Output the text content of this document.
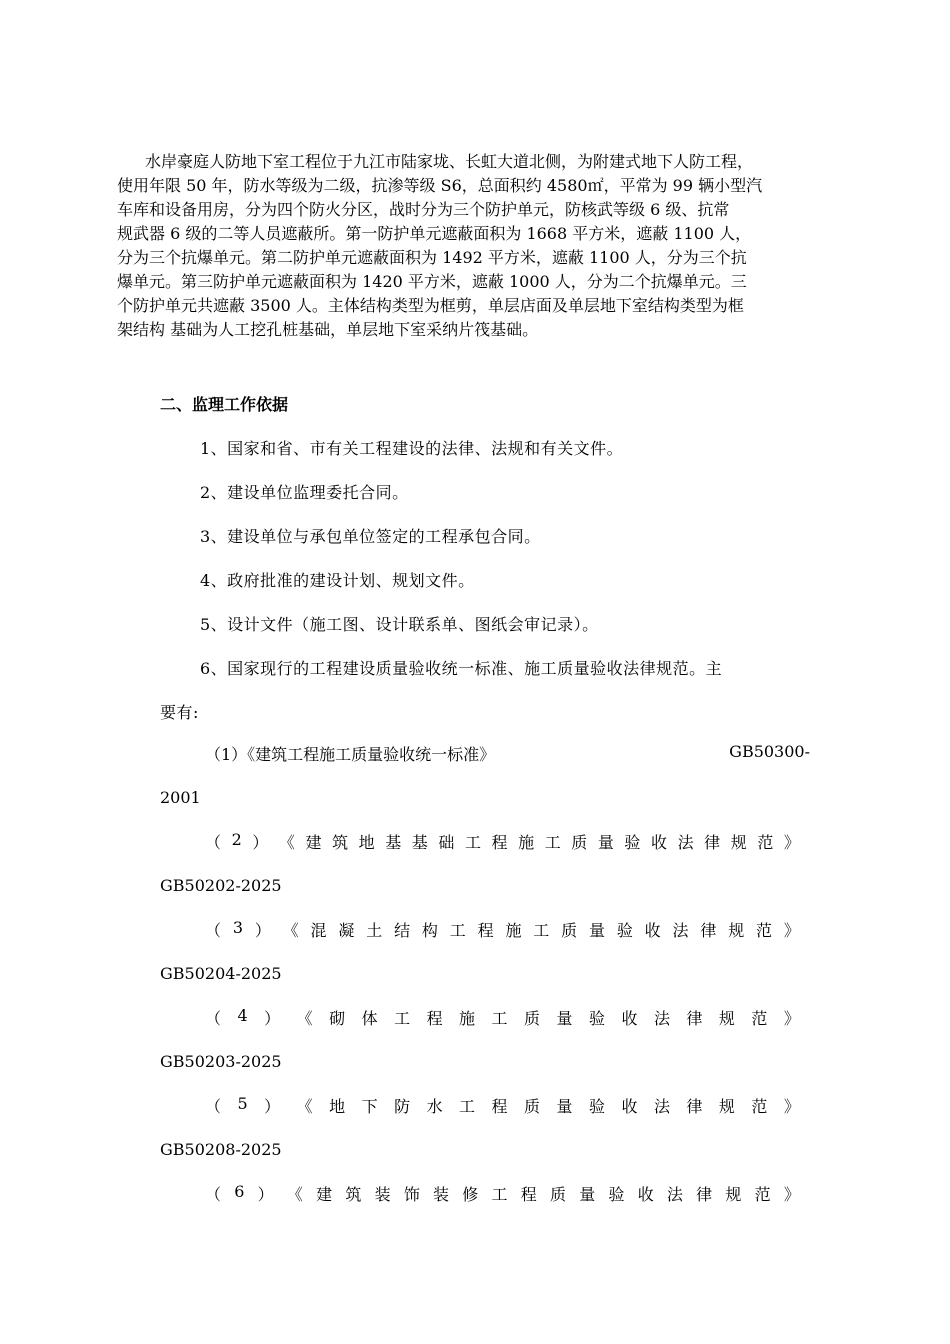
水岸豪庭人防地下室工程位于九江市陆家垅、长虹大道北侧，为附建式地下人防工程，
使用年限 50 年，防水等级为二级，抗渗等级 S6，总面积约 4580㎡，平常为 99 辆小型汽
车库和设备用房，分为四个防火分区，战时分为三个防护单元，防核武等级 6 级、抗常
规武器 6 级的二等人员遮蔽所。第一防护单元遮蔽面积为 1668 平方米，遮蔽 1100 人，
分为三个抗爆单元。第二防护单元遮蔽面积为 1492 平方米，遮蔽 1100 人，分为三个抗
爆单元。第三防护单元遮蔽面积为 1420 平方米，遮蔽 1000 人，分为二个抗爆单元。三
个防护单元共遮蔽 3500 人。主体结构类型为框剪，单层店面及单层地下室结构类型为框
架结构 基础为人工挖孔桩基础，单层地下室采纳片筏基础。
二、监理工作依据
1、国家和省、市有关工程建设的法律、法规和有关文件。
2、建设单位监理委托合同。
3、建设单位与承包单位签定的工程承包合同。
4、政府批准的建设计划、规划文件。
5、设计文件（施工图、设计联系单、图纸会审记录）。
6、国家现行的工程建设质量验收统一标准、施工质量验收法律规范。主
要有:
（1）《建筑工程施工质量验收统一标准》	GB50300-
2001
（ 2 ） 《 建 筑 地 基 基 础 工 程 施 工 质 量 验 收 法 律 规 范 》
GB50202-2025
（ 3 ） 《 混 凝 土 结 构 工 程 施 工 质 量 验 收 法 律 规 范 》
GB50204-2025
（ 4 ） 《 砌 体 工 程 施 工 质 量 验 收 法 律 规 范 》
GB50203-2025
（ 5 ） 《 地 下 防 水 工 程 质 量 验 收 法 律 规 范 》
GB50208-2025
（ 6 ） 《 建 筑 装 饰 装 修 工 程 质 量 验 收 法 律 规 范 》
